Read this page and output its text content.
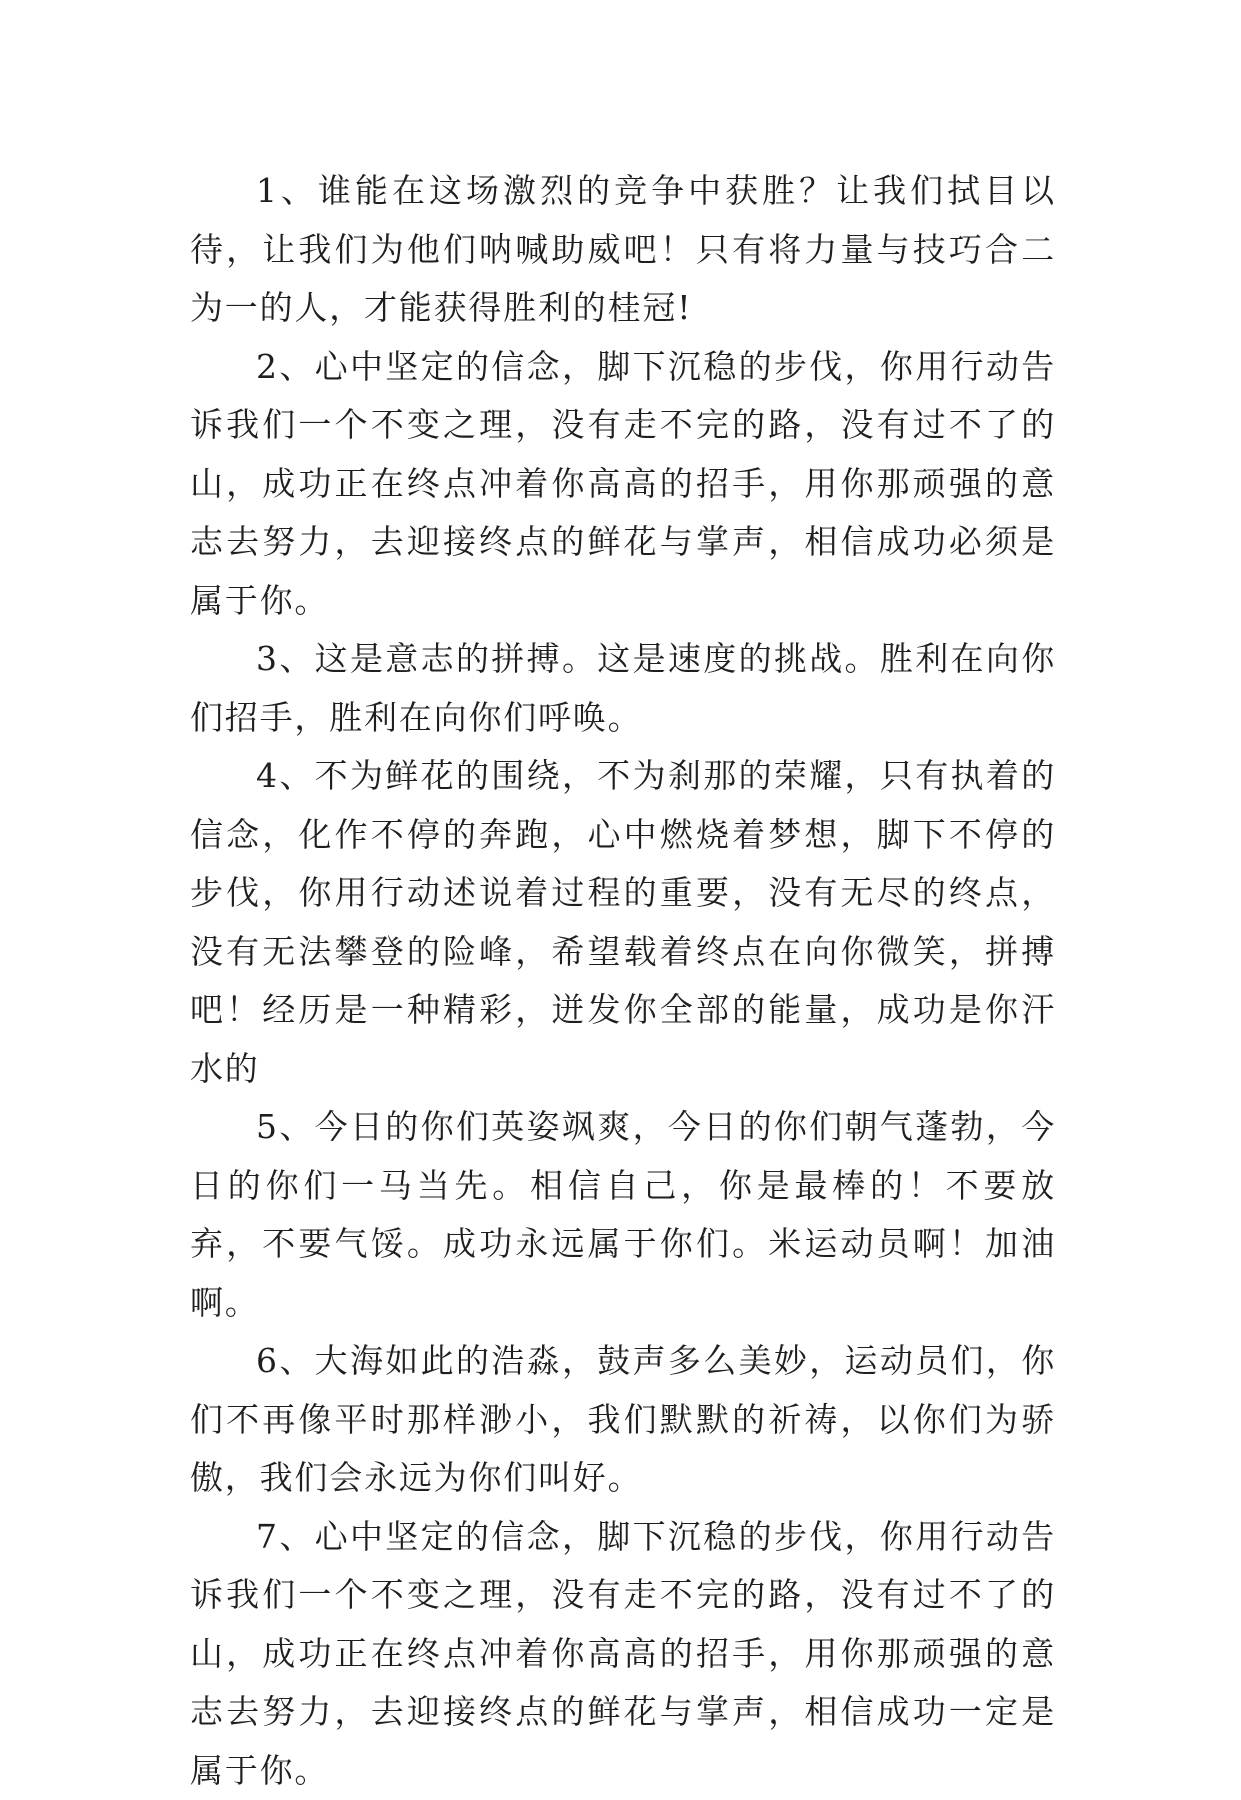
1、谁能在这场激烈的竞争中获胜？让我们拭目以待，让我们为他们呐喊助威吧！只有将力量与技巧合二为一的人，才能获得胜利的桂冠!

2、心中坚定的信念，脚下沉稳的步伐，你用行动告诉我们一个不变之理，没有走不完的路，没有过不了的山，成功正在终点冲着你高高的招手，用你那顽强的意志去努力，去迎接终点的鲜花与掌声，相信成功必须是属于你。

3、这是意志的拼搏。这是速度的挑战。胜利在向你们招手，胜利在向你们呼唤。

4、不为鲜花的围绕，不为刹那的荣耀，只有执着的信念，化作不停的奔跑，心中燃烧着梦想，脚下不停的步伐，你用行动述说着过程的重要，没有无尽的终点，没有无法攀登的险峰，希望载着终点在向你微笑，拼搏吧！经历是一种精彩，迸发你全部的能量，成功是你汗水的

5、今日的你们英姿飒爽，今日的你们朝气蓬勃，今日的你们一马当先。相信自己，你是最棒的！不要放弃，不要气馁。成功永远属于你们。米运动员啊！加油啊。

6、大海如此的浩淼，鼓声多么美妙，运动员们，你们不再像平时那样渺小，我们默默的祈祷，以你们为骄傲，我们会永远为你们叫好。

7、心中坚定的信念，脚下沉稳的步伐，你用行动告诉我们一个不变之理，没有走不完的路，没有过不了的山，成功正在终点冲着你高高的招手，用你那顽强的意志去努力，去迎接终点的鲜花与掌声，相信成功一定是属于你。
